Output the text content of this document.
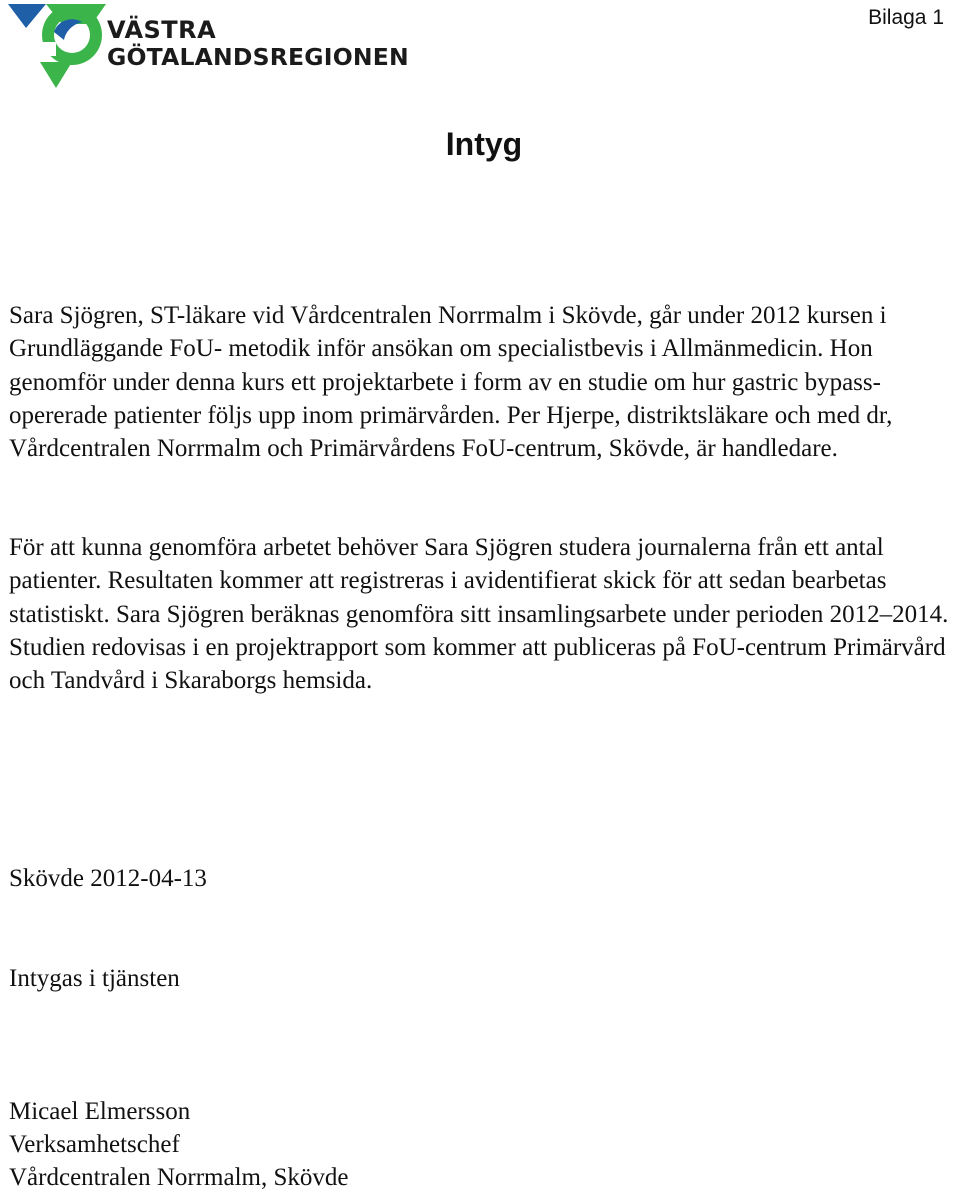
VÄSTRA
GÖTALANDSREGIONEN
Bilaga 1
Intyg

Sara Sjögren, ST-läkare vid Vårdcentralen Norrmalm i Skövde, går under 2012 kursen i Grundläggande FoU- metodik inför ansökan om specialistbevis i Allmänmedicin. Hon genomför under denna kurs ett projektarbete i form av en studie om hur gastric bypass-opererade patienter följs upp inom primärvården. Per Hjerpe, distriktsläkare och med dr, Vårdcentralen Norrmalm och Primärvårdens FoU-centrum, Skövde, är handledare.

För att kunna genomföra arbetet behöver Sara Sjögren studera journalerna från ett antal patienter. Resultaten kommer att registreras i avidentifierat skick för att sedan bearbetas statistiskt. Sara Sjögren beräknas genomföra sitt insamlingsarbete under perioden 2012–2014. Studien redovisas i en projektrapport som kommer att publiceras på FoU-centrum Primärvård och Tandvård i Skaraborgs hemsida.

Skövde 2012-04-13

Intygas i tjänsten

Micael Elmersson
Verksamhetschef
Vårdcentralen Norrmalm, Skövde
